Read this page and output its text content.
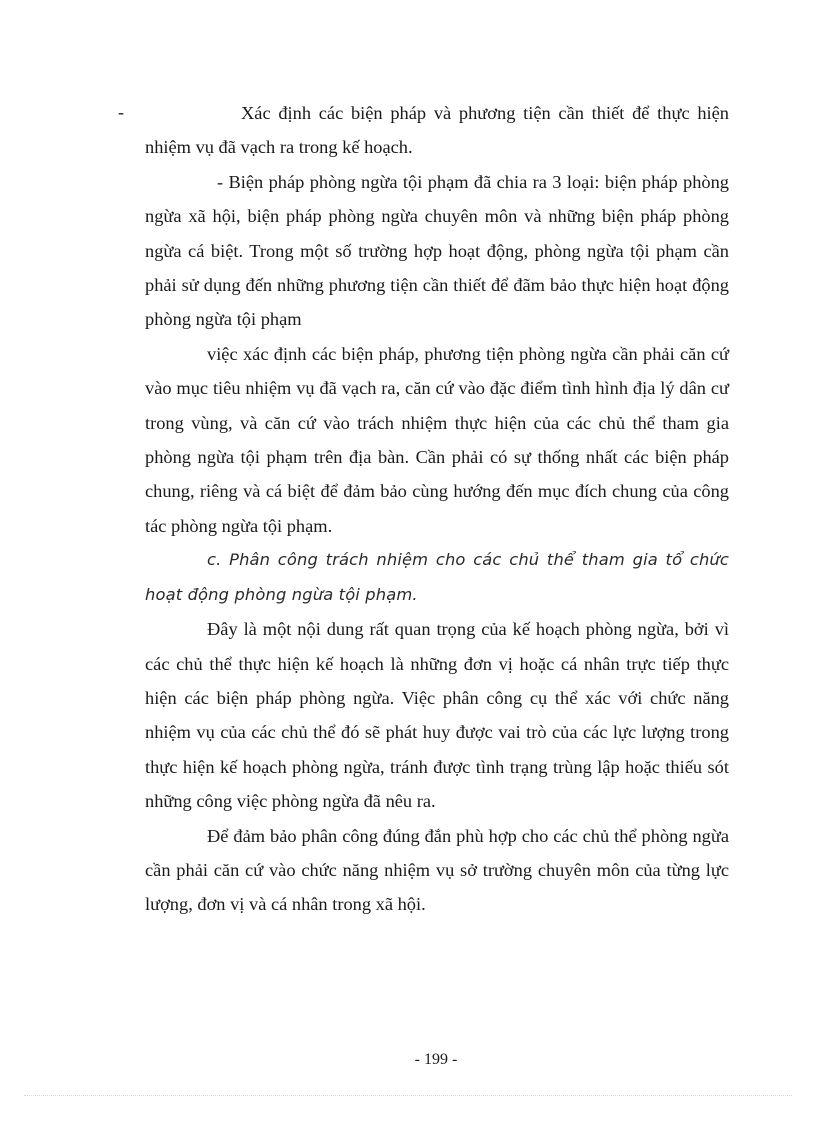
-	Xác định các biện pháp và phương tiện cần thiết để thực hiện nhiệm vụ đã vạch ra trong kế hoạch.

- Biện pháp phòng ngừa tội phạm đã chia ra 3 loại: biện pháp phòng ngừa xã hội, biện pháp phòng ngừa chuyên môn và những biện pháp phòng ngừa cá biệt. Trong một số trường hợp hoạt động, phòng ngừa tội phạm cần phải sử dụng đến những phương tiện cần thiết để đãm bảo thực hiện hoạt động phòng ngừa tội phạm

việc xác định các biện pháp, phương tiện phòng ngừa cần phải căn cứ vào mục tiêu nhiệm vụ đã vạch ra, căn cứ vào đặc điểm tình hình địa lý dân cư trong vùng, và căn cứ vào trách nhiệm thực hiện của các chủ thể tham gia phòng ngừa tội phạm trên địa bàn. Cần phải có sự thống nhất các biện pháp chung, riêng và cá biệt để đảm bảo cùng hướng đến mục đích chung của công tác phòng ngừa tội phạm.

c. Phân công trách nhiệm cho các chủ thể tham gia tổ chức hoạt động phòng ngừa tội phạm.

Đây là một nội dung rất quan trọng của kế hoạch phòng ngừa, bởi vì các chủ thể thực hiện kế hoạch là những đơn vị hoặc cá nhân trực tiếp thực hiện các biện pháp phòng ngừa. Việc phân công cụ thể xác với chức năng nhiệm vụ của các chủ thể đó sẽ phát huy được vai trò của các lực lượng trong thực hiện kế hoạch phòng ngừa, tránh được tình trạng trùng lập hoặc thiếu sót những công việc phòng ngừa đã nêu ra.

Để đảm bảo phân công đúng đắn phù hợp cho các chủ thể phòng ngừa cần phải căn cứ vào chức năng nhiệm vụ sở trường chuyên môn của từng lực lượng, đơn vị và cá nhân trong xã hội.

- 199 -
